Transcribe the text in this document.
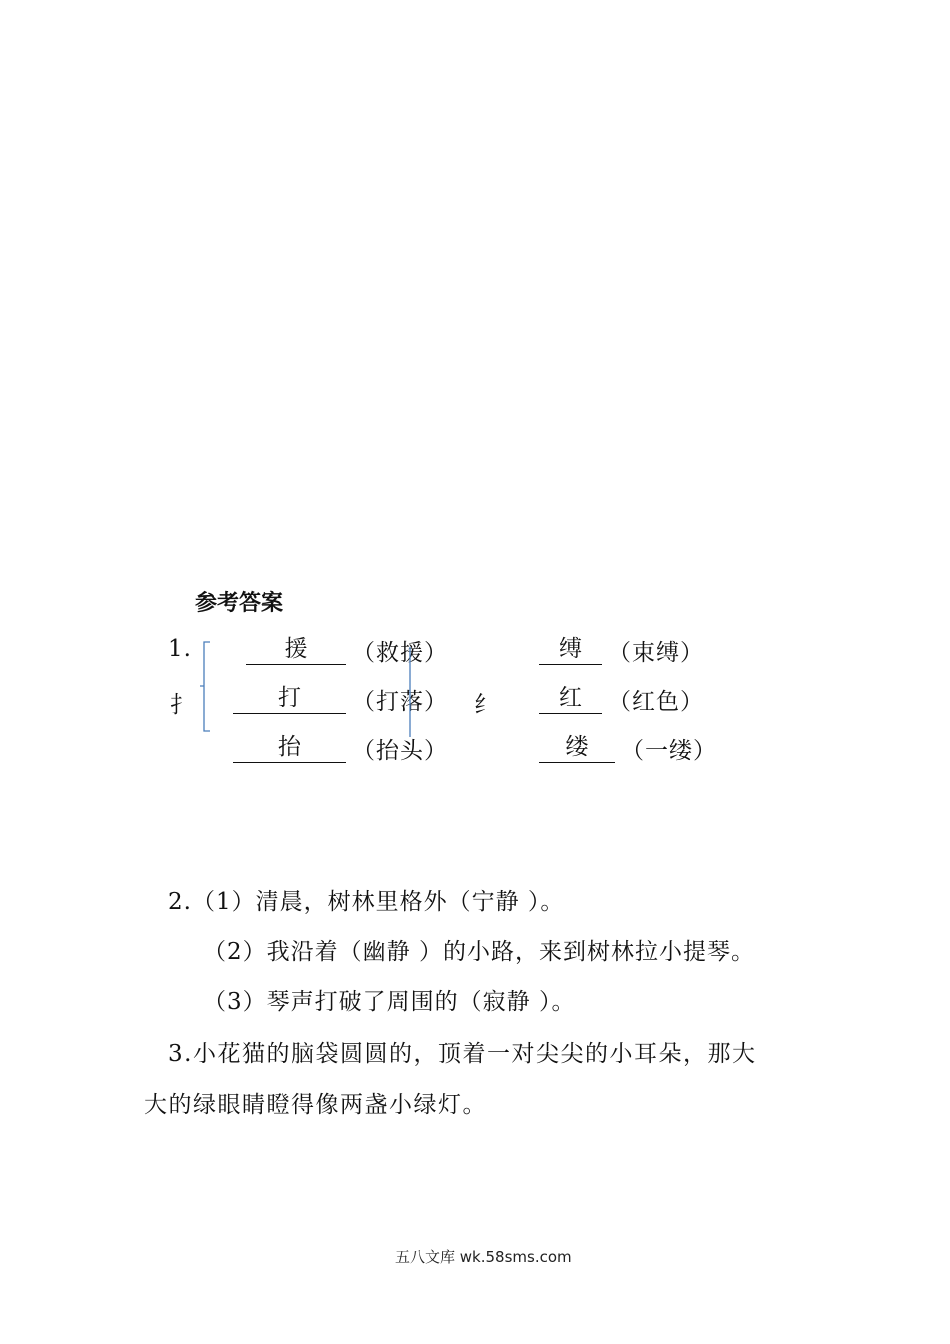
参考答案
1.
扌
援	（救援）
打	（打落）
抬	（抬头）
纟
缚	（束缚）
红	（红色）
缕	（一缕）
2.（1）清晨，树林里格外（宁静 ）。
（2）我沿着（幽静 ）的小路，来到树林拉小提琴。
（3）琴声打破了周围的（寂静 ）。
3.小花猫的脑袋圆圆的，顶着一对尖尖的小耳朵，那大
大的绿眼睛瞪得像两盏小绿灯。
五八文库 wk.58sms.com
